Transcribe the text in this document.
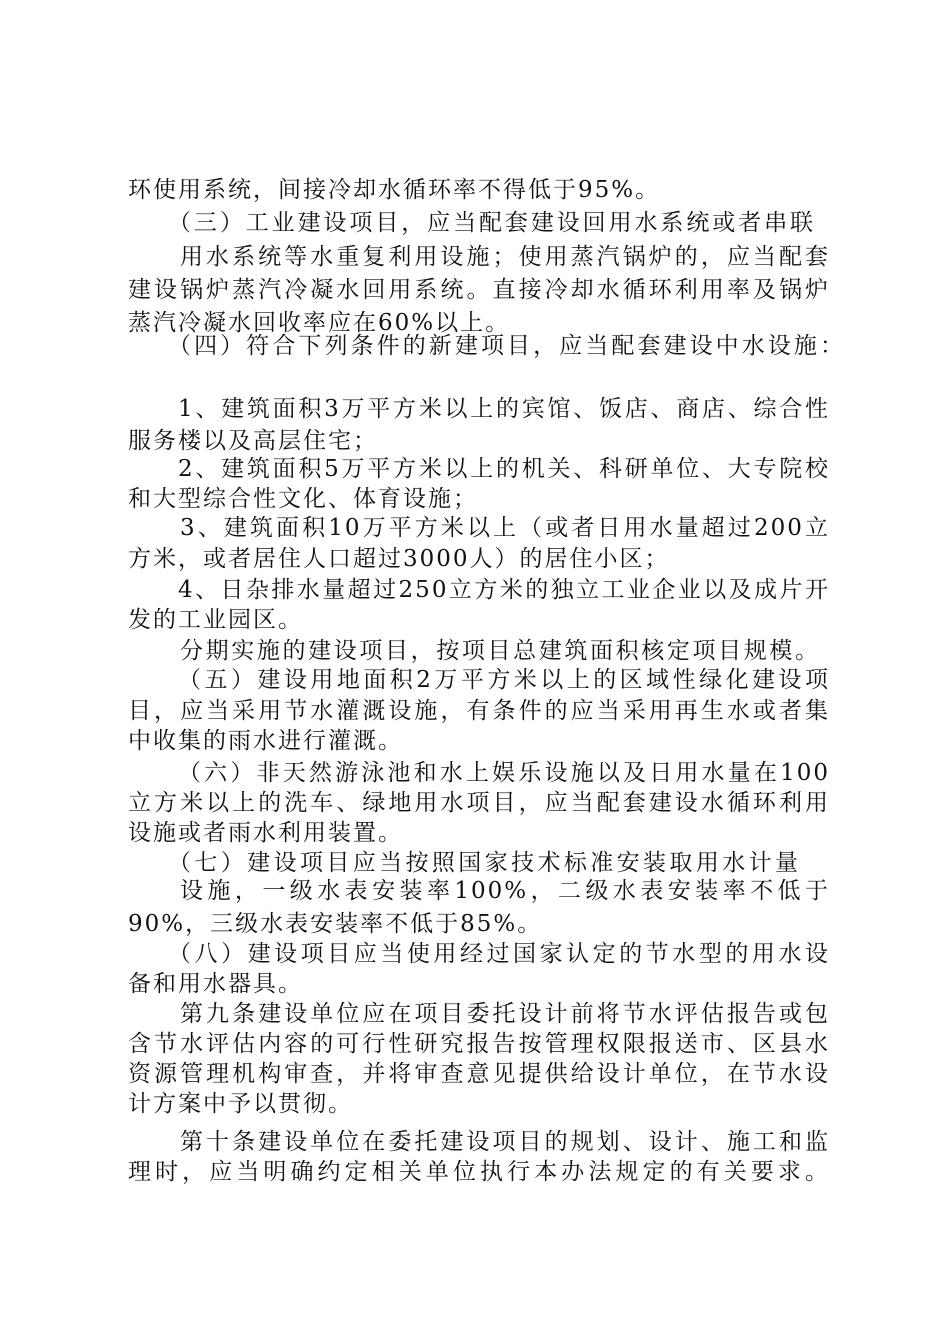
环使用系统，间接冷却水循环率不得低于95%。
（三）工业建设项目，应当配套建设回用水系统或者串联
用水系统等水重复利用设施；使用蒸汽锅炉的，应当配套
建设锅炉蒸汽冷凝水回用系统。直接冷却水循环利用率及锅炉
蒸汽冷凝水回收率应在60%以上。
（四）符合下列条件的新建项目，应当配套建设中水设施：
1、建筑面积3万平方米以上的宾馆、饭店、商店、综合性
服务楼以及高层住宅；
2、建筑面积5万平方米以上的机关、科研单位、大专院校
和大型综合性文化、体育设施；
3、建筑面积10万平方米以上（或者日用水量超过200立
方米，或者居住人口超过3000人）的居住小区；
4、日杂排水量超过250立方米的独立工业企业以及成片开
发的工业园区。
分期实施的建设项目，按项目总建筑面积核定项目规模。
（五）建设用地面积2万平方米以上的区域性绿化建设项
目，应当采用节水灌溉设施，有条件的应当采用再生水或者集
中收集的雨水进行灌溉。
（六）非天然游泳池和水上娱乐设施以及日用水量在100
立方米以上的洗车、绿地用水项目，应当配套建设水循环利用
设施或者雨水利用装置。
（七）建设项目应当按照国家技术标准安装取用水计量
设施，一级水表安装率100%，二级水表安装率不低于
90%，三级水表安装率不低于85%。
（八）建设项目应当使用经过国家认定的节水型的用水设
备和用水器具。
第九条建设单位应在项目委托设计前将节水评估报告或包
含节水评估内容的可行性研究报告按管理权限报送市、区县水
资源管理机构审查，并将审查意见提供给设计单位，在节水设
计方案中予以贯彻。
第十条建设单位在委托建设项目的规划、设计、施工和监
理时，应当明确约定相关单位执行本办法规定的有关要求。
